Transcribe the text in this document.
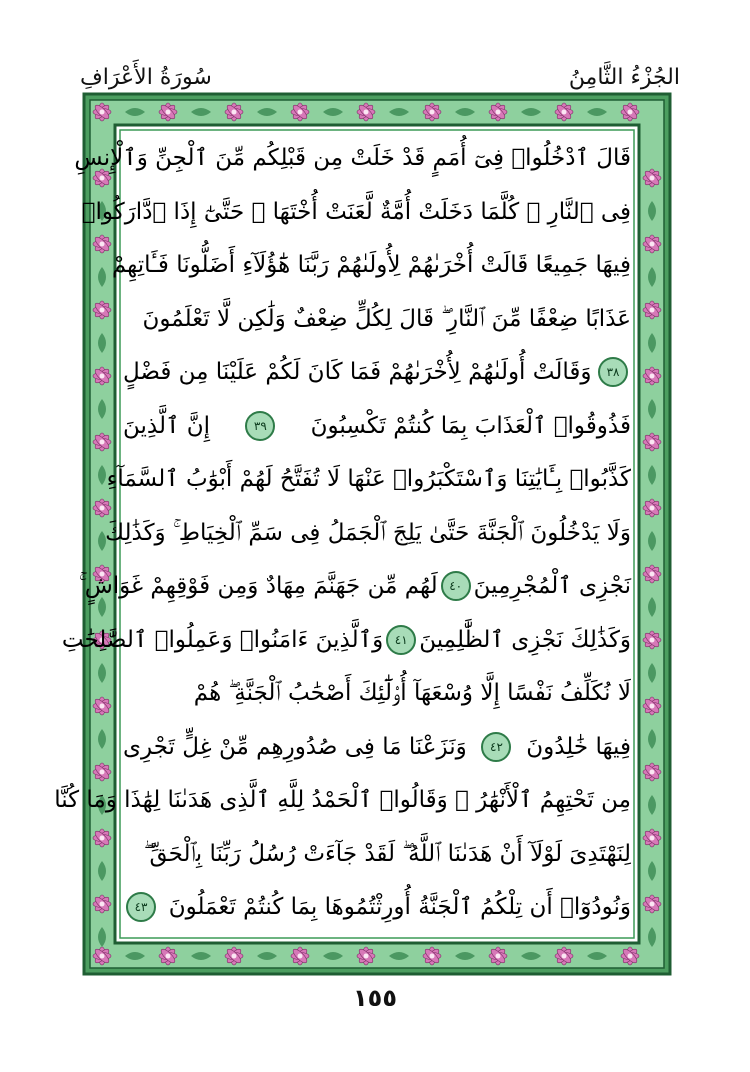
سُورَةُ الأَعْرَافِ	الجُزْءُ الثَّامِنُ
قَالَ ٱدْخُلُوا۟ فِىٓ أُمَمٍ قَدْ خَلَتْ مِن قَبْلِكُم مِّنَ ٱلْجِنِّ وَٱلْإِنسِ
فِى ٱلنَّارِ ۖ كُلَّمَا دَخَلَتْ أُمَّةٌ لَّعَنَتْ أُخْتَهَا ۖ حَتَّىٰٓ إِذَا ٱدَّارَكُوا۟
فِيهَا جَمِيعًا قَالَتْ أُخْرَىٰهُمْ لِأُولَىٰهُمْ رَبَّنَا هَٰٓؤُلَآءِ أَضَلُّونَا فَـَٔاتِهِمْ
عَذَابًا ضِعْفًا مِّنَ ٱلنَّارِ ۖ قَالَ لِكُلٍّ ضِعْفٌ وَلَٰكِن لَّا تَعْلَمُونَ
٣٨
وَقَالَتْ أُولَىٰهُمْ لِأُخْرَىٰهُمْ فَمَا كَانَ لَكُمْ عَلَيْنَا مِن فَضْلٍ
فَذُوقُوا۟ ٱلْعَذَابَ بِمَا كُنتُمْ تَكْسِبُونَ
٣٩
إِنَّ ٱلَّذِينَ
كَذَّبُوا۟ بِـَٔايَٰتِنَا وَٱسْتَكْبَرُوا۟ عَنْهَا لَا تُفَتَّحُ لَهُمْ أَبْوَٰبُ ٱلسَّمَآءِ
وَلَا يَدْخُلُونَ ٱلْجَنَّةَ حَتَّىٰ يَلِجَ ٱلْجَمَلُ فِى سَمِّ ٱلْخِيَاطِ ۚ وَكَذَٰلِكَ
نَجْزِى ٱلْمُجْرِمِينَ
٤٠
لَهُم مِّن جَهَنَّمَ مِهَادٌ وَمِن فَوْقِهِمْ غَوَاشٍ ۚ
وَكَذَٰلِكَ نَجْزِى ٱلظَّٰلِمِينَ
٤١
وَٱلَّذِينَ ءَامَنُوا۟ وَعَمِلُوا۟ ٱلصَّٰلِحَٰتِ
لَا نُكَلِّفُ نَفْسًا إِلَّا وُسْعَهَآ أُو۟لَٰٓئِكَ أَصْحَٰبُ ٱلْجَنَّةِ ۖ هُمْ
فِيهَا خَٰلِدُونَ
٤٢
وَنَزَعْنَا مَا فِى صُدُورِهِم مِّنْ غِلٍّ تَجْرِى
مِن تَحْتِهِمُ ٱلْأَنْهَٰرُ ۖ وَقَالُوا۟ ٱلْحَمْدُ لِلَّهِ ٱلَّذِى هَدَىٰنَا لِهَٰذَا وَمَا كُنَّا
لِنَهْتَدِىَ لَوْلَآ أَنْ هَدَىٰنَا ٱللَّهُ ۖ لَقَدْ جَآءَتْ رُسُلُ رَبِّنَا بِٱلْحَقِّ ۖ
وَنُودُوٓا۟ أَن تِلْكُمُ ٱلْجَنَّةُ أُورِثْتُمُوهَا بِمَا كُنتُمْ تَعْمَلُونَ
٤٣
١٥٥
